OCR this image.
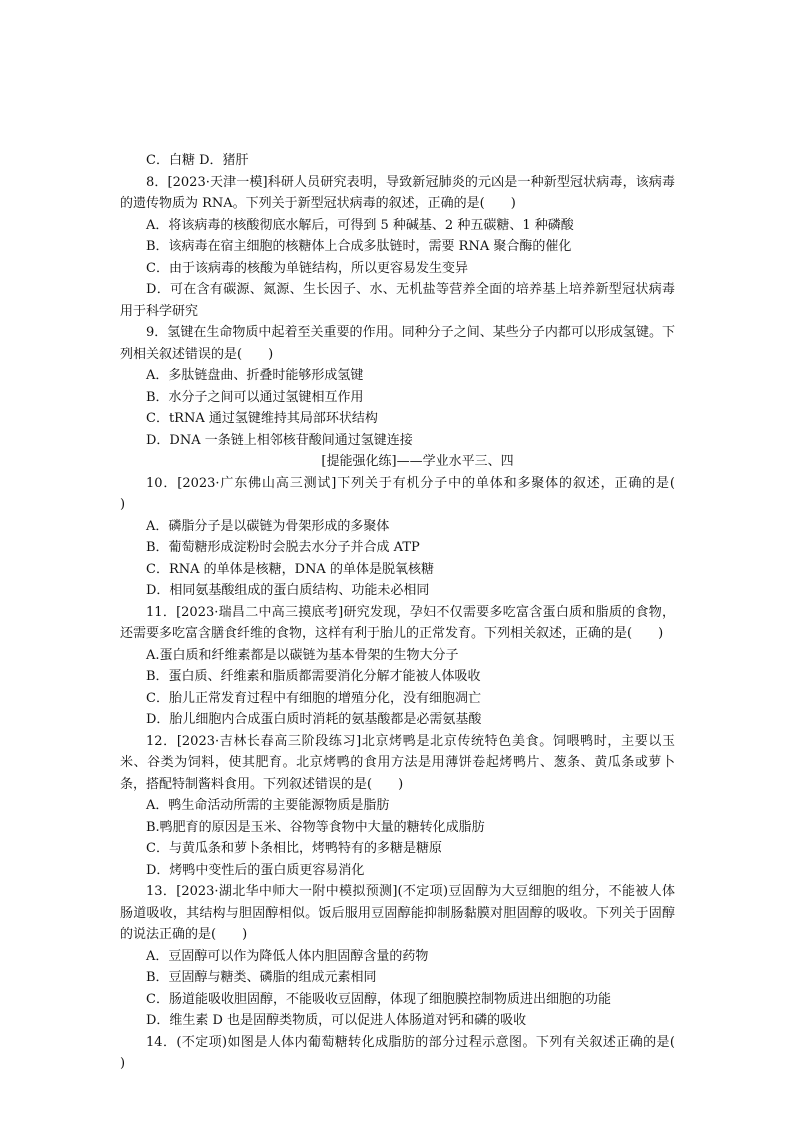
C．白糖 D．猪肝
8．[2023·天津一模]科研人员研究表明，导致新冠肺炎的元凶是一种新型冠状病毒，该病毒的遗传物质为 RNA。下列关于新型冠状病毒的叙述，正确的是(　　)
A．将该病毒的核酸彻底水解后，可得到 5 种碱基、2 种五碳糖、1 种磷酸
B．该病毒在宿主细胞的核糖体上合成多肽链时，需要 RNA 聚合酶的催化
C．由于该病毒的核酸为单链结构，所以更容易发生变异
D．可在含有碳源、氮源、生长因子、水、无机盐等营养全面的培养基上培养新型冠状病毒用于科学研究
9．氢键在生命物质中起着至关重要的作用。同种分子之间、某些分子内都可以形成氢键。下列相关叙述错误的是(　　)
A．多肽链盘曲、折叠时能够形成氢键
B．水分子之间可以通过氢键相互作用
C．tRNA 通过氢键维持其局部环状结构
D．DNA 一条链上相邻核苷酸间通过氢键连接
[提能强化练]——学业水平三、四
10．[2023·广东佛山高三测试]下列关于有机分子中的单体和多聚体的叙述，正确的是(　　)
A．磷脂分子是以碳链为骨架形成的多聚体
B．葡萄糖形成淀粉时会脱去水分子并合成 ATP
C．RNA 的单体是核糖，DNA 的单体是脱氧核糖
D．相同氨基酸组成的蛋白质结构、功能未必相同
11．[2023·瑞昌二中高三摸底考]研究发现，孕妇不仅需要多吃富含蛋白质和脂质的食物，还需要多吃富含膳食纤维的食物，这样有利于胎儿的正常发育。下列相关叙述，正确的是(　　)
A.蛋白质和纤维素都是以碳链为基本骨架的生物大分子
B．蛋白质、纤维素和脂质都需要消化分解才能被人体吸收
C．胎儿正常发育过程中有细胞的增殖分化，没有细胞凋亡
D．胎儿细胞内合成蛋白质时消耗的氨基酸都是必需氨基酸
12．[2023·吉林长春高三阶段练习]北京烤鸭是北京传统特色美食。饲喂鸭时，主要以玉米、谷类为饲料，使其肥育。北京烤鸭的食用方法是用薄饼卷起烤鸭片、葱条、黄瓜条或萝卜条，搭配特制酱料食用。下列叙述错误的是(　　)
A．鸭生命活动所需的主要能源物质是脂肪
B.鸭肥育的原因是玉米、谷物等食物中大量的糖转化成脂肪
C．与黄瓜条和萝卜条相比，烤鸭特有的多糖是糖原
D．烤鸭中变性后的蛋白质更容易消化
13．[2023·湖北华中师大一附中模拟预测](不定项)豆固醇为大豆细胞的组分，不能被人体肠道吸收，其结构与胆固醇相似。饭后服用豆固醇能抑制肠黏膜对胆固醇的吸收。下列关于固醇的说法正确的是(　　)
A．豆固醇可以作为降低人体内胆固醇含量的药物
B．豆固醇与糖类、磷脂的组成元素相同
C．肠道能吸收胆固醇，不能吸收豆固醇，体现了细胞膜控制物质进出细胞的功能
D．维生素 D 也是固醇类物质，可以促进人体肠道对钙和磷的吸收
14．(不定项)如图是人体内葡萄糖转化成脂肪的部分过程示意图。下列有关叙述正确的是(　　)
